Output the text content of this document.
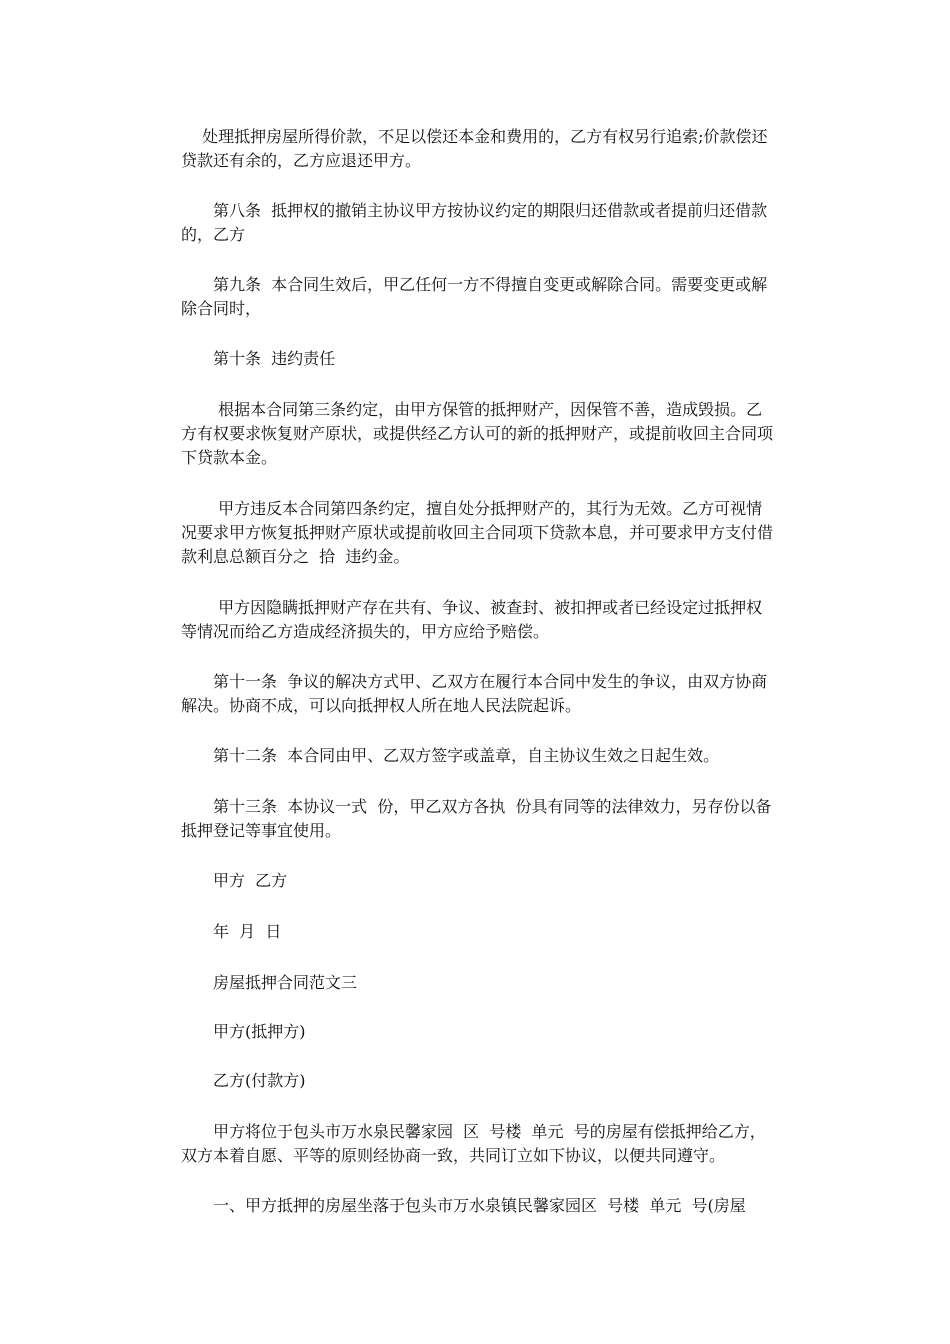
　 处理抵押房屋所得价款，不足以偿还本金和费用的，乙方有权另行追索;价款偿还贷款还有余的，乙方应退还甲方。

　　第八条  抵押权的撤销主协议甲方按协议约定的期限归还借款或者提前归还借款的，乙方

　　第九条  本合同生效后，甲乙任何一方不得擅自变更或解除合同。需要变更或解除合同时，

　　第十条  违约责任

　　 根据本合同第三条约定，由甲方保管的抵押财产，因保管不善，造成毁损。乙方有权要求恢复财产原状，或提供经乙方认可的新的抵押财产，或提前收回主合同项下贷款本金。

　　 甲方违反本合同第四条约定，擅自处分抵押财产的，其行为无效。乙方可视情况要求甲方恢复抵押财产原状或提前收回主合同项下贷款本息，并可要求甲方支付借款利息总额百分之  拾  违约金。

　　 甲方因隐瞒抵押财产存在共有、争议、被查封、被扣押或者已经设定过抵押权等情况而给乙方造成经济损失的，甲方应给予赔偿。

　　第十一条  争议的解决方式甲、乙双方在履行本合同中发生的争议，由双方协商解决。协商不成，可以向抵押权人所在地人民法院起诉。

　　第十二条  本合同由甲、乙双方签字或盖章，自主协议生效之日起生效。

　　第十三条  本协议一式  份，甲乙双方各执  份具有同等的法律效力，另存份以备抵押登记等事宜使用。

　　甲方  乙方

　　年  月  日

　　房屋抵押合同范文三

　　甲方(抵押方)

　　乙方(付款方)

　　甲方将位于包头市万水泉民馨家园  区  号楼  单元  号的房屋有偿抵押给乙方，双方本着自愿、平等的原则经协商一致，共同订立如下协议，以便共同遵守。

　　一、甲方抵押的房屋坐落于包头市万水泉镇民馨家园区  号楼  单元  号(房屋
